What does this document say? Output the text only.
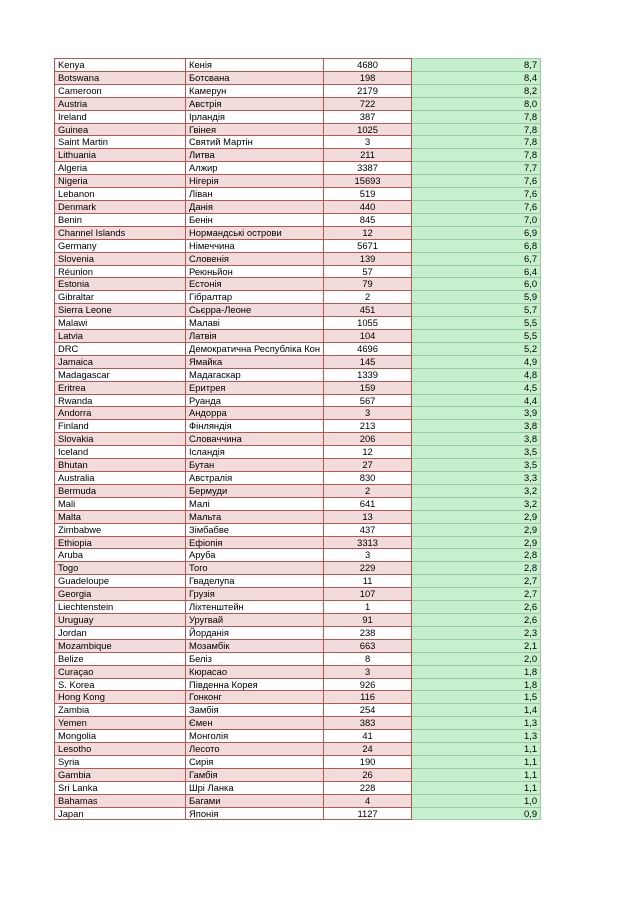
Kenya	Кенія	4680	8,7
Botswana	Ботсвана	198	8,4
Cameroon	Камерун	2179	8,2
Austria	Австрія	722	8,0
Ireland	Ірландія	387	7,8
Guinea	Гвінея	1025	7,8
Saint Martin	Святий Мартін	3	7,8
Lithuania	Литва	211	7,8
Algeria	Алжир	3387	7,7
Nigeria	Нігерія	15693	7,6
Lebanon	Ліван	519	7,6
Denmark	Данія	440	7,6
Benin	Бенін	845	7,0
Channel Islands	Нормандські острови	12	6,9
Germany	Німеччина	5671	6,8
Slovenia	Словенія	139	6,7
Réunion	Реюньйон	57	6,4
Estonia	Естонія	79	6,0
Gibraltar	Гібралтар	2	5,9
Sierra Leone	Сьєрра-Леоне	451	5,7
Malawi	Малаві	1055	5,5
Latvia	Латвія	104	5,5
DRC	Демократична Республіка Кон	4696	5,2
Jamaica	Ямайка	145	4,9
Madagascar	Мадагаскар	1339	4,8
Eritrea	Еритрея	159	4,5
Rwanda	Руанда	567	4,4
Andorra	Андорра	3	3,9
Finland	Фінляндія	213	3,8
Slovakia	Словаччина	206	3,8
Iceland	Ісландія	12	3,5
Bhutan	Бутан	27	3,5
Australia	Австралія	830	3,3
Bermuda	Бермуди	2	3,2
Mali	Малі	641	3,2
Malta	Мальта	13	2,9
Zimbabwe	Зімбабве	437	2,9
Ethiopia	Ефіопія	3313	2,9
Aruba	Аруба	3	2,8
Togo	Того	229	2,8
Guadeloupe	Гваделупа	11	2,7
Georgia	Грузія	107	2,7
Liechtenstein	Ліхтенштейн	1	2,6
Uruguay	Уругвай	91	2,6
Jordan	Йорданія	238	2,3
Mozambique	Мозамбік	663	2,1
Belize	Беліз	8	2,0
Curaçao	Кюрасао	3	1,8
S. Korea	Південна Корея	926	1,8
Hong Kong	Гонконг	116	1,5
Zambia	Замбія	254	1,4
Yemen	Ємен	383	1,3
Mongolia	Монголія	41	1,3
Lesotho	Лесото	24	1,1
Syria	Сирія	190	1,1
Gambia	Гамбія	26	1,1
Sri Lanka	Шрі Ланка	228	1,1
Bahamas	Багами	4	1,0
Japan	Японія	1127	0,9
